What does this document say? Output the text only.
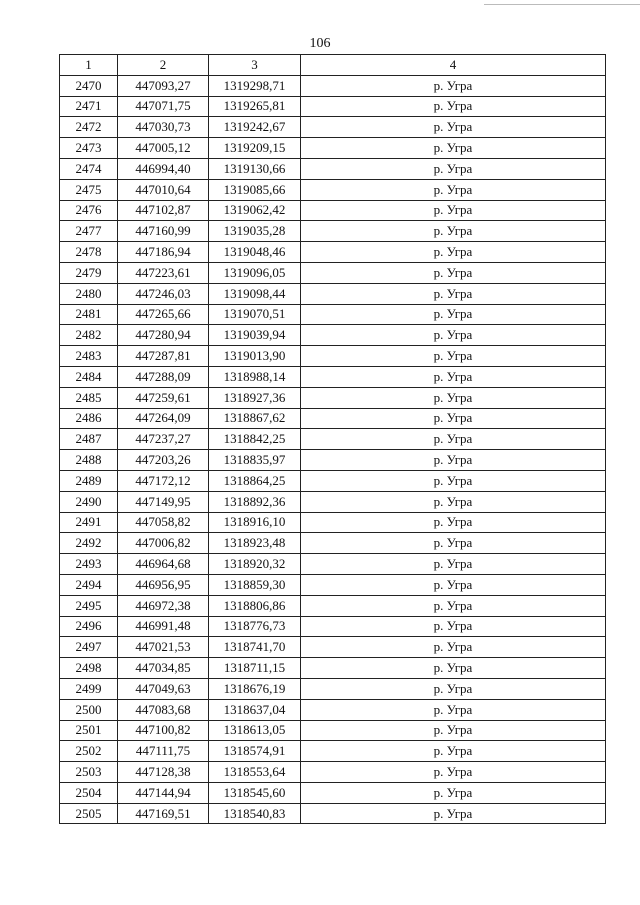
106
1	2	3	4
2470	447093,27	1319298,71	р. Угра
2471	447071,75	1319265,81	р. Угра
2472	447030,73	1319242,67	р. Угра
2473	447005,12	1319209,15	р. Угра
2474	446994,40	1319130,66	р. Угра
2475	447010,64	1319085,66	р. Угра
2476	447102,87	1319062,42	р. Угра
2477	447160,99	1319035,28	р. Угра
2478	447186,94	1319048,46	р. Угра
2479	447223,61	1319096,05	р. Угра
2480	447246,03	1319098,44	р. Угра
2481	447265,66	1319070,51	р. Угра
2482	447280,94	1319039,94	р. Угра
2483	447287,81	1319013,90	р. Угра
2484	447288,09	1318988,14	р. Угра
2485	447259,61	1318927,36	р. Угра
2486	447264,09	1318867,62	р. Угра
2487	447237,27	1318842,25	р. Угра
2488	447203,26	1318835,97	р. Угра
2489	447172,12	1318864,25	р. Угра
2490	447149,95	1318892,36	р. Угра
2491	447058,82	1318916,10	р. Угра
2492	447006,82	1318923,48	р. Угра
2493	446964,68	1318920,32	р. Угра
2494	446956,95	1318859,30	р. Угра
2495	446972,38	1318806,86	р. Угра
2496	446991,48	1318776,73	р. Угра
2497	447021,53	1318741,70	р. Угра
2498	447034,85	1318711,15	р. Угра
2499	447049,63	1318676,19	р. Угра
2500	447083,68	1318637,04	р. Угра
2501	447100,82	1318613,05	р. Угра
2502	447111,75	1318574,91	р. Угра
2503	447128,38	1318553,64	р. Угра
2504	447144,94	1318545,60	р. Угра
2505	447169,51	1318540,83	р. Угра
